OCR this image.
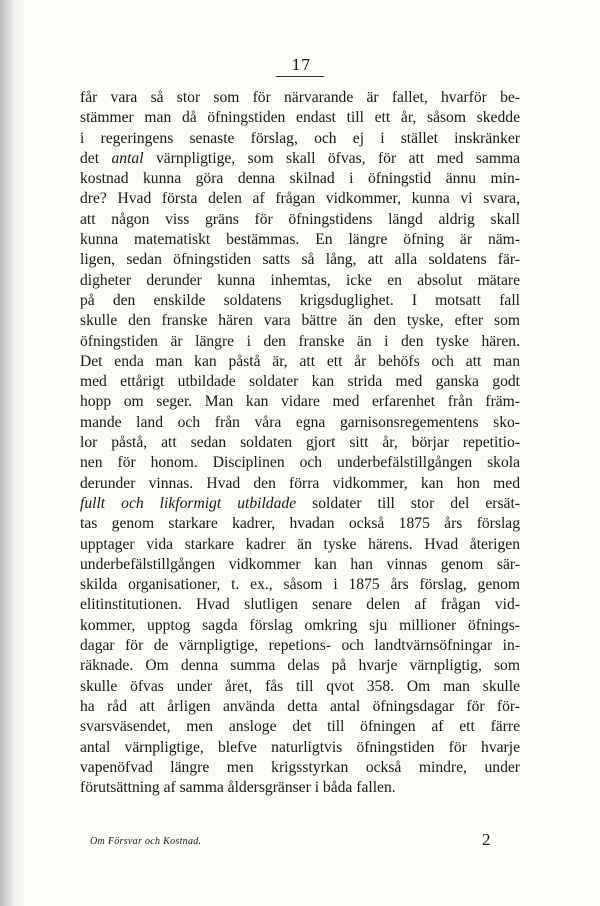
17
får vara så stor som för närvarande är fallet, hvarför be-
stämmer man då öfningstiden endast till ett år, såsom skedde
i regeringens senaste förslag, och ej i stället inskränker
det antal värnpligtige, som skall öfvas, för att med samma
kostnad kunna göra denna skilnad i öfningstid ännu min-
dre? Hvad första delen af frågan vidkommer, kunna vi svara,
att någon viss gräns för öfningstidens längd aldrig skall
kunna matematiskt bestämmas. En längre öfning är näm-
ligen, sedan öfningstiden satts så lång, att alla soldatens fär-
digheter derunder kunna inhemtas, icke en absolut mätare
på den enskilde soldatens krigsduglighet. I motsatt fall
skulle den franske hären vara bättre än den tyske, efter som
öfningstiden är längre i den franske än i den tyske hären.
Det enda man kan påstå är, att ett år behöfs och att man
med ettårigt utbildade soldater kan strida med ganska godt
hopp om seger. Man kan vidare med erfarenhet från främ-
mande land och från våra egna garnisonsregementens sko-
lor påstå, att sedan soldaten gjort sitt år, börjar repetitio-
nen för honom. Disciplinen och underbefälstillgången skola
derunder vinnas. Hvad den förra vidkommer, kan hon med
fullt och likformigt utbildade soldater till stor del ersät-
tas genom starkare kadrer, hvadan också 1875 års förslag
upptager vida starkare kadrer än tyske härens. Hvad återigen
underbefälstillgången vidkommer kan han vinnas genom sär-
skilda organisationer, t. ex., såsom i 1875 års förslag, genom
elitinstitutionen. Hvad slutligen senare delen af frågan vid-
kommer, upptog sagda förslag omkring sju millioner öfnings-
dagar för de värnpligtige, repetions- och landtvärnsöfningar in-
räknade. Om denna summa delas på hvarje värnpligtig, som
skulle öfvas under året, fås till qvot 358. Om man skulle
ha råd att årligen använda detta antal öfningsdagar för för-
svarsväsendet, men ansloge det till öfningen af ett färre
antal värnpligtige, blefve naturligtvis öfningstiden för hvarje
vapenöfvad längre men krigsstyrkan också mindre, under
förutsättning af samma åldersgränser i båda fallen.
Om Försvar och Kostnad.	2
